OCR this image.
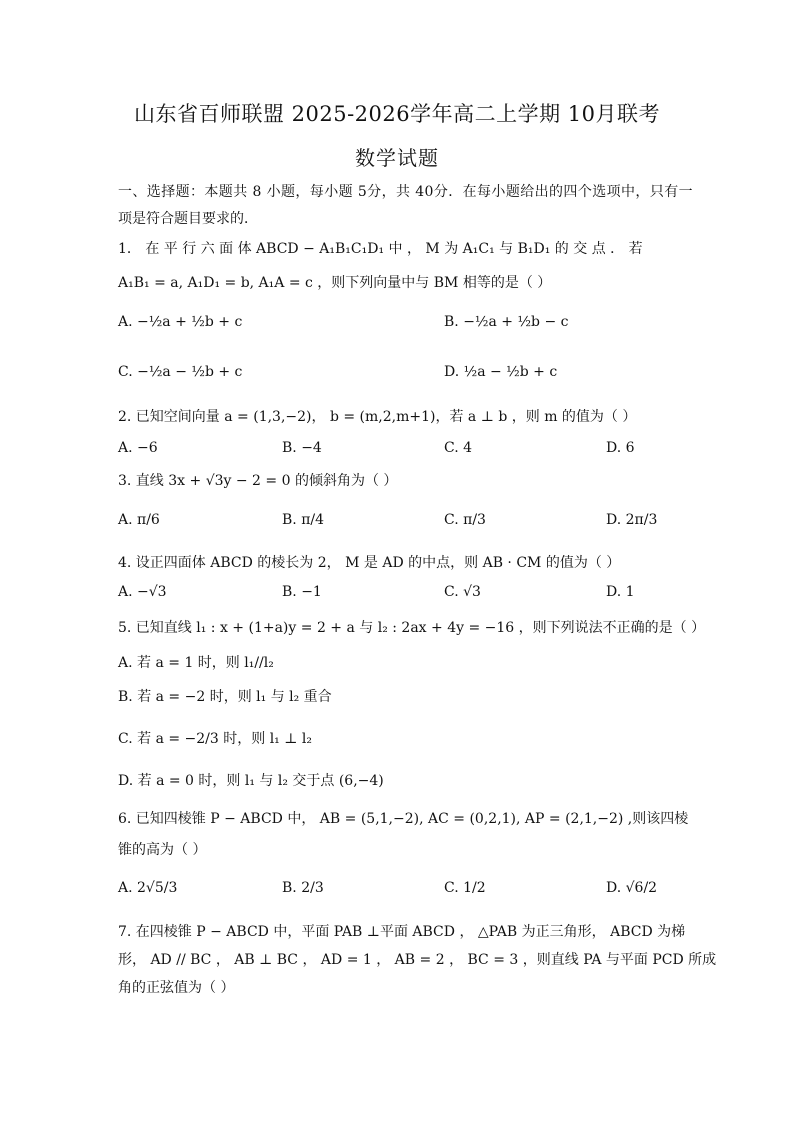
山东省百师联盟 2025-2026学年高二上学期 10月联考
数学试题
一、选择题：本题共 8 小题，每小题 5分，共 40分．在每小题给出的四个选项中，只有一
项是符合题目要求的．
1． 在 平 行 六 面 体 ABCD − A₁B₁C₁D₁ 中 ， M 为 A₁C₁ 与 B₁D₁ 的 交 点 ． 若
A₁B₁ = a, A₁D₁ = b, A₁A = c ，则下列向量中与 BM 相等的是（ ）
A. −½a + ½b + c	B. −½a + ½b − c
C. −½a − ½b + c	D. ½a − ½b + c
2. 已知空间向量 a = (1,3,−2)， b = (m,2,m+1)，若 a ⊥ b ，则 m 的值为（ ）
A. −6	B. −4	C. 4	D. 6
3. 直线 3x + √3y − 2 = 0 的倾斜角为（ ）
A. π/6	B. π/4	C. π/3	D. 2π/3
4. 设正四面体 ABCD 的棱长为 2， M 是 AD 的中点，则 AB · CM 的值为（ ）
A. −√3	B. −1	C. √3	D. 1
5. 已知直线 l₁ : x + (1+a)y = 2 + a 与 l₂ : 2ax + 4y = −16 ，则下列说法不正确的是（ ）
A. 若 a = 1 时，则 l₁//l₂
B. 若 a = −2 时，则 l₁ 与 l₂ 重合
C. 若 a = −2/3 时，则 l₁ ⊥ l₂
D. 若 a = 0 时，则 l₁ 与 l₂ 交于点 (6,−4)
6. 已知四棱锥 P − ABCD 中， AB = (5,1,−2), AC = (0,2,1), AP = (2,1,−2) ,则该四棱
锥的高为（ ）
A. 2√5/3	B. 2/3	C. 1/2	D. √6/2
7. 在四棱锥 P − ABCD 中，平面 PAB ⊥平面 ABCD ， △PAB 为正三角形， ABCD 为梯
形， AD // BC ， AB ⊥ BC ， AD = 1 ， AB = 2 ， BC = 3 ，则直线 PA 与平面 PCD 所成
角的正弦值为（ ）
